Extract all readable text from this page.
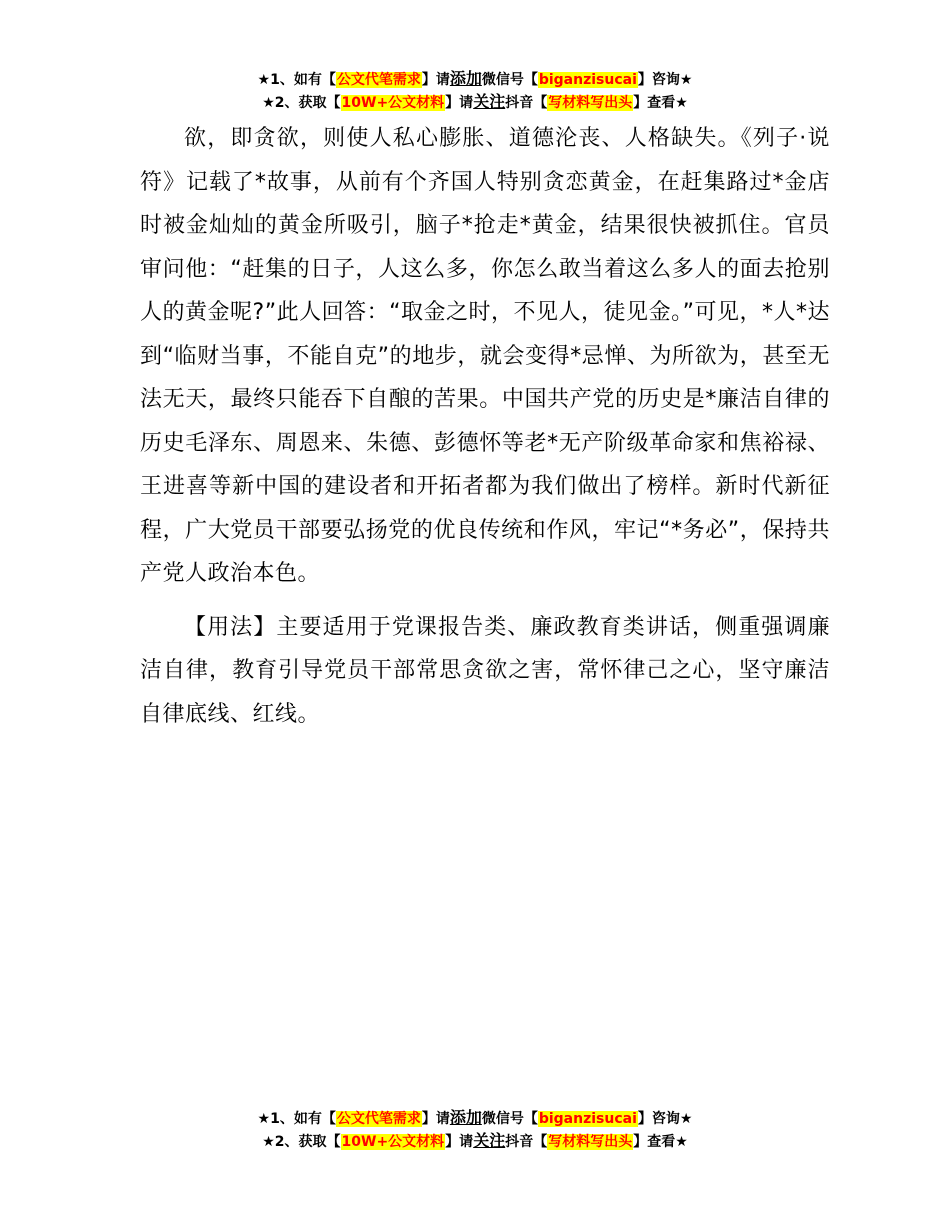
★1、如有【公文代笔需求】请添加微信号【biganzisucai】咨询★
★2、获取【10W+公文材料】请关注抖音【写材料写出头】查看★

欲，即贪欲，则使人私心膨胀、道德沦丧、人格缺失。《列子·说符》记载了*故事，从前有个齐国人特别贪恋黄金，在赶集路过*金店时被金灿灿的黄金所吸引，脑子*抢走*黄金，结果很快被抓住。官员审问他：“赶集的日子，人这么多，你怎么敢当着这么多人的面去抢别人的黄金呢?”此人回答：“取金之时，不见人，徒见金。”可见，*人*达到“临财当事，不能自克”的地步，就会变得*忌惮、为所欲为，甚至无法无天，最终只能吞下自酿的苦果。中国共产党的历史是*廉洁自律的历史毛泽东、周恩来、朱德、彭德怀等老*无产阶级革命家和焦裕禄、王进喜等新中国的建设者和开拓者都为我们做出了榜样。新时代新征程，广大党员干部要弘扬党的优良传统和作风，牢记“*务必”，保持共产党人政治本色。

【用法】主要适用于党课报告类、廉政教育类讲话，侧重强调廉洁自律，教育引导党员干部常思贪欲之害，常怀律己之心，坚守廉洁自律底线、红线。

★1、如有【公文代笔需求】请添加微信号【biganzisucai】咨询★
★2、获取【10W+公文材料】请关注抖音【写材料写出头】查看★
